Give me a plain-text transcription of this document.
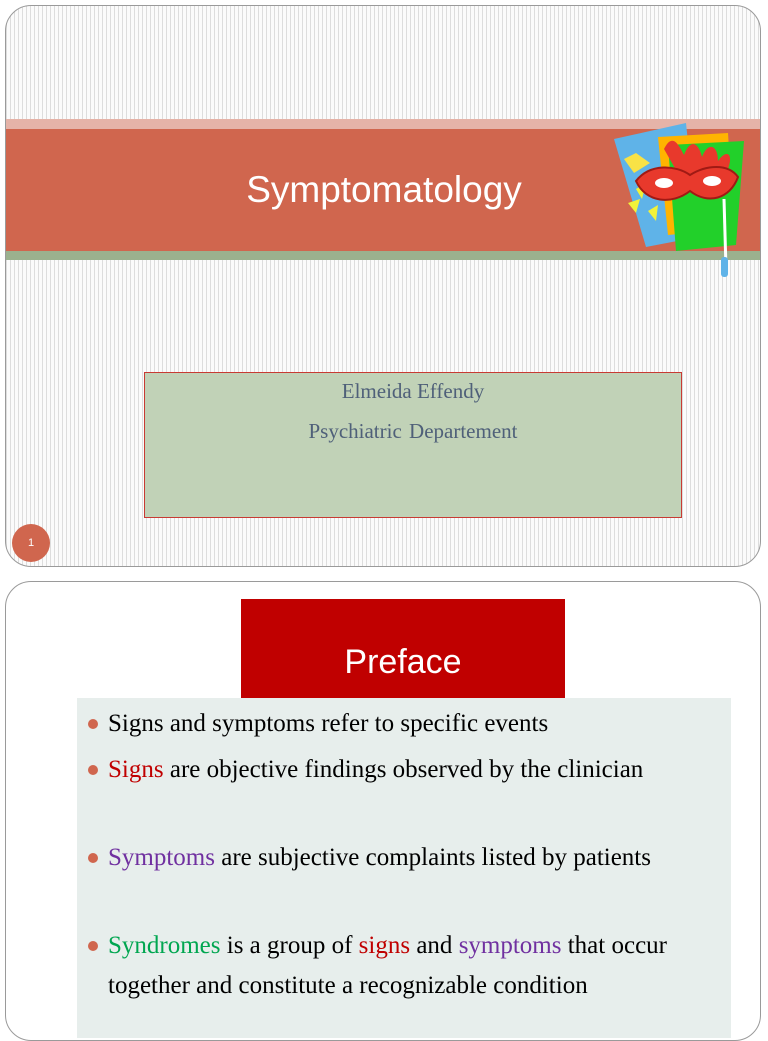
Symptomatology
Elmeida Effendy
Psychiatric Departement
1
Preface
Signs and symptoms refer to specific events
Signs are objective findings observed by the clinician
Symptoms are subjective complaints listed by patients
Syndromes is a group of signs and symptoms that occur together and constitute a recognizable condition
